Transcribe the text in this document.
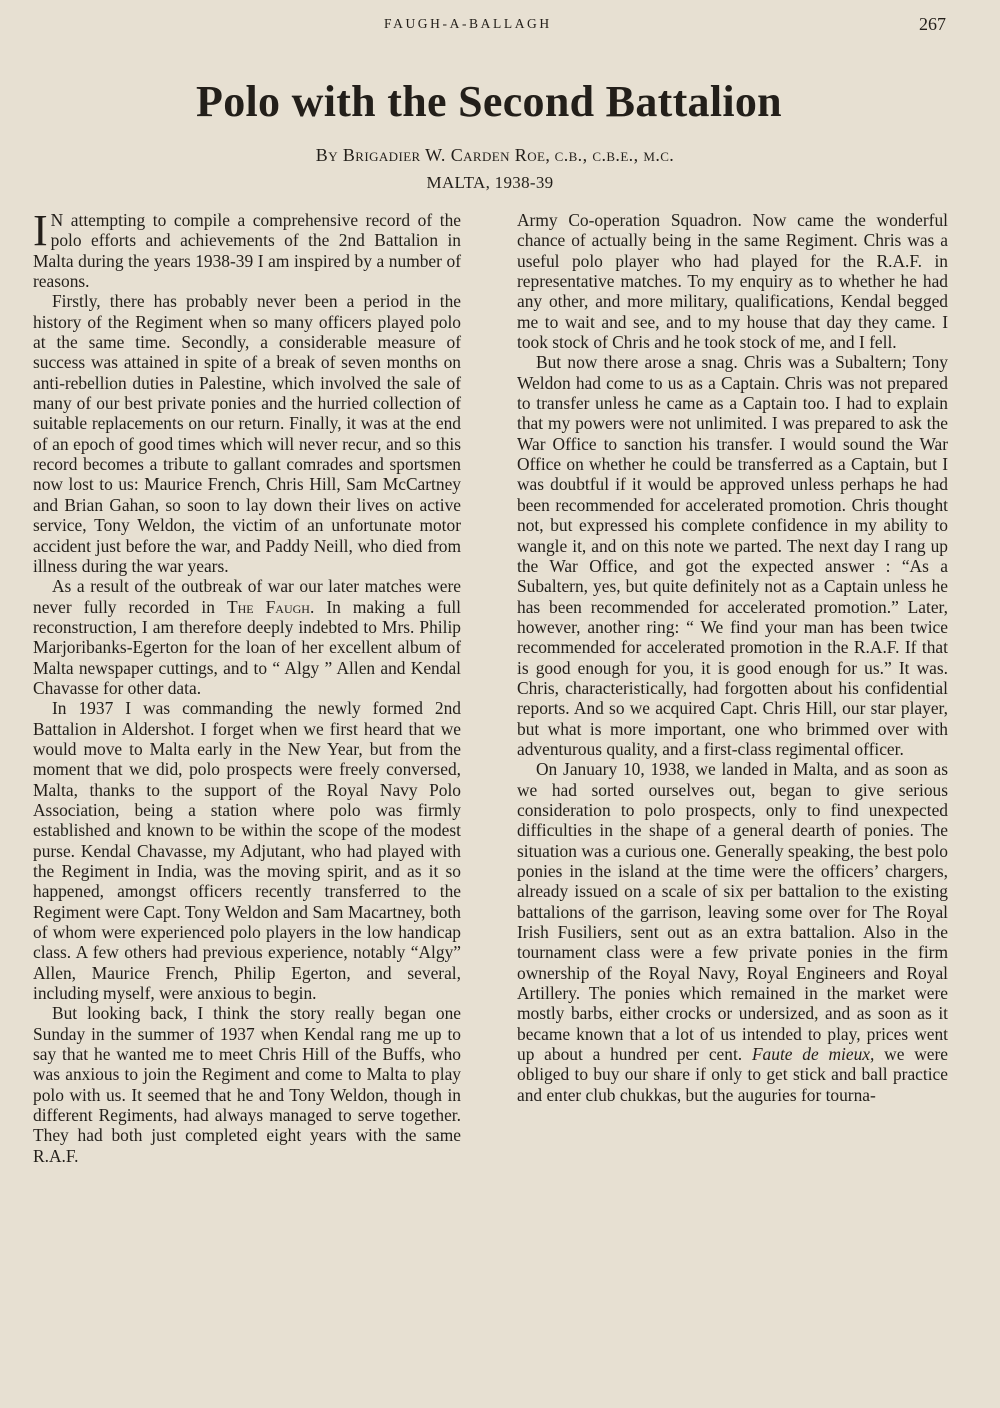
FAUGH-A-BALLAGH	267
Polo with the Second Battalion
By Brigadier W. Carden Roe, c.b., c.b.e., m.c.
MALTA, 1938-39

I N attempting to compile a comprehensive record of the polo efforts and achievements of the 2nd Battalion in Malta during the years 1938-39 I am inspired by a number of reasons.

Firstly, there has probably never been a period in the history of the Regiment when so many officers played polo at the same time. Secondly, a considerable measure of success was attained in spite of a break of seven months on anti-rebellion duties in Palestine, which involved the sale of many of our best private ponies and the hurried collection of suitable replacements on our return. Finally, it was at the end of an epoch of good times which will never recur, and so this record becomes a tribute to gallant comrades and sportsmen now lost to us: Maurice French, Chris Hill, Sam McCartney and Brian Gahan, so soon to lay down their lives on active service, Tony Weldon, the victim of an unfortunate motor accident just before the war, and Paddy Neill, who died from illness during the war years.

As a result of the outbreak of war our later matches were never fully recorded in The Faugh. In making a full reconstruction, I am therefore deeply indebted to Mrs. Philip Marjoribanks-Egerton for the loan of her excellent album of Malta newspaper cuttings, and to “ Algy ” Allen and Kendal Chavasse for other data.

In 1937 I was commanding the newly formed 2nd Battalion in Aldershot. I forget when we first heard that we would move to Malta early in the New Year, but from the moment that we did, polo prospects were freely conversed, Malta, thanks to the support of the Royal Navy Polo Association, being a station where polo was firmly established and known to be within the scope of the modest purse. Kendal Chavasse, my Adjutant, who had played with the Regiment in India, was the moving spirit, and as it so happened, amongst officers recently transferred to the Regiment were Capt. Tony Weldon and Sam Macartney, both of whom were experienced polo players in the low handicap class. A few others had previous experience, notably “Algy” Allen, Maurice French, Philip Egerton, and several, including myself, were anxious to begin.

But looking back, I think the story really began one Sunday in the summer of 1937 when Kendal rang me up to say that he wanted me to meet Chris Hill of the Buffs, who was anxious to join the Regiment and come to Malta to play polo with us. It seemed that he and Tony Weldon, though in different Regiments, had always managed to serve together. They had both just completed eight years with the same R.A.F.

Army Co-operation Squadron. Now came the wonderful chance of actually being in the same Regiment. Chris was a useful polo player who had played for the R.A.F. in representative matches. To my enquiry as to whether he had any other, and more military, qualifications, Kendal begged me to wait and see, and to my house that day they came. I took stock of Chris and he took stock of me, and I fell.

But now there arose a snag. Chris was a Subaltern; Tony Weldon had come to us as a Captain. Chris was not prepared to transfer unless he came as a Captain too. I had to explain that my powers were not unlimited. I was prepared to ask the War Office to sanction his transfer. I would sound the War Office on whether he could be transferred as a Captain, but I was doubtful if it would be approved unless perhaps he had been recommended for accelerated promotion. Chris thought not, but expressed his complete confidence in my ability to wangle it, and on this note we parted. The next day I rang up the War Office, and got the expected answer : “As a Subaltern, yes, but quite definitely not as a Captain unless he has been recommended for accelerated promotion.” Later, however, another ring: “ We find your man has been twice recommended for accelerated promotion in the R.A.F. If that is good enough for you, it is good enough for us.” It was. Chris, characteristically, had forgotten about his confidential reports. And so we acquired Capt. Chris Hill, our star player, but what is more important, one who brimmed over with adventurous quality, and a first-class regimental officer.

On January 10, 1938, we landed in Malta, and as soon as we had sorted ourselves out, began to give serious consideration to polo prospects, only to find unexpected difficulties in the shape of a general dearth of ponies. The situation was a curious one. Generally speaking, the best polo ponies in the island at the time were the officers’ chargers, already issued on a scale of six per battalion to the existing battalions of the garrison, leaving some over for The Royal Irish Fusiliers, sent out as an extra battalion. Also in the tournament class were a few private ponies in the firm ownership of the Royal Navy, Royal Engineers and Royal Artillery. The ponies which remained in the market were mostly barbs, either crocks or undersized, and as soon as it became known that a lot of us intended to play, prices went up about a hundred per cent. Faute de mieux, we were obliged to buy our share if only to get stick and ball practice and enter club chukkas, but the auguries for tourna-
